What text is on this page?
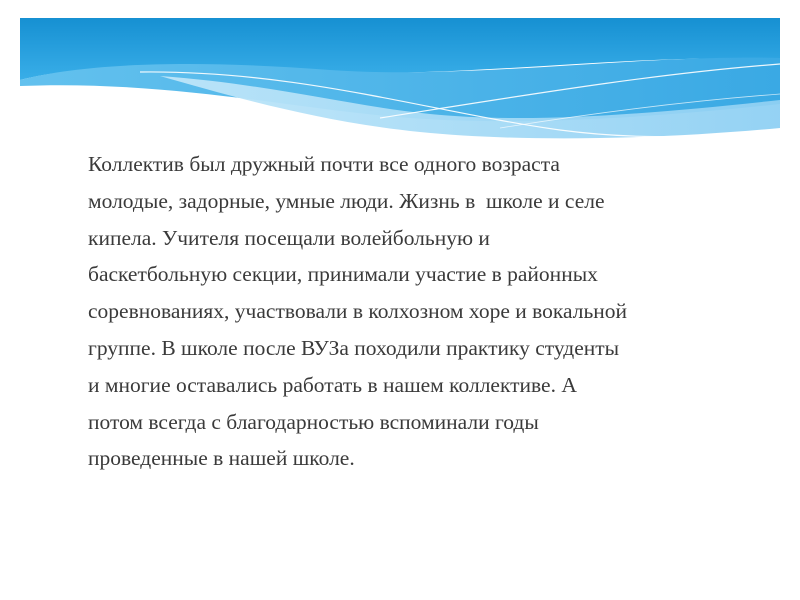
Коллектив был дружный почти все одного возраста
молодые, задорные, умные люди. Жизнь в  школе и селе
кипела. Учителя посещали волейбольную и
баскетбольную секции, принимали участие в районных
соревнованиях, участвовали в колхозном хоре и вокальной
группе. В школе после ВУЗа походили практику студенты
и многие оставались работать в нашем коллективе. А
потом всегда с благодарностью вспоминали годы
проведенные в нашей школе.
